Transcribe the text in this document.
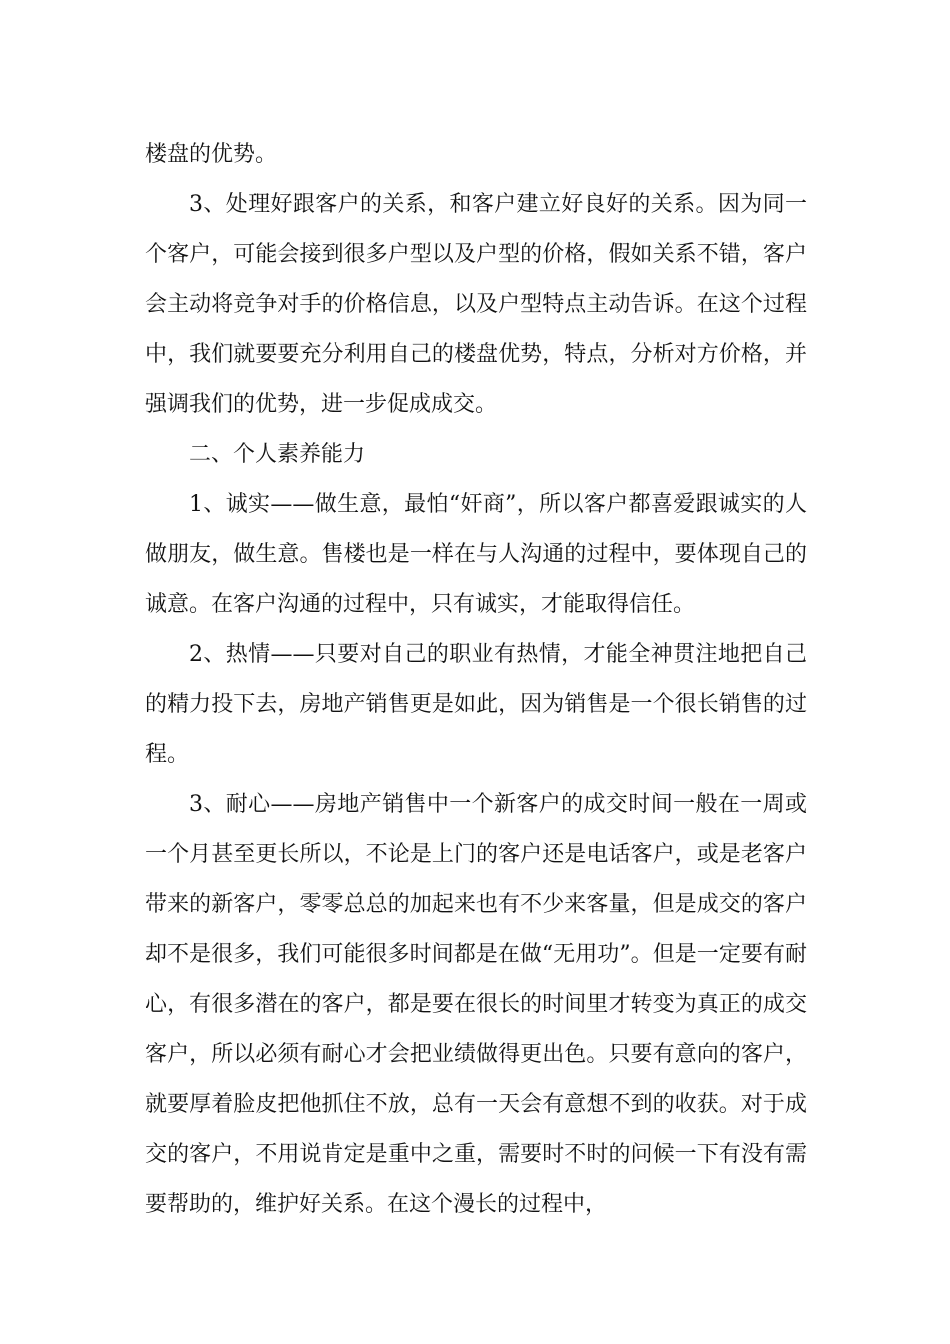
楼盘的优势。

3、处理好跟客户的关系，和客户建立好良好的关系。因为同一个客户，可能会接到很多户型以及户型的价格，假如关系不错，客户会主动将竞争对手的价格信息，以及户型特点主动告诉。在这个过程中，我们就要要充分利用自己的楼盘优势，特点，分析对方价格，并强调我们的优势，进一步促成成交。

二、个人素养能力

1、诚实——做生意，最怕“奸商”，所以客户都喜爱跟诚实的人做朋友，做生意。售楼也是一样在与人沟通的过程中，要体现自己的诚意。在客户沟通的过程中，只有诚实，才能取得信任。

2、热情——只要对自己的职业有热情，才能全神贯注地把自己的精力投下去，房地产销售更是如此，因为销售是一个很长销售的过程。

3、耐心——房地产销售中一个新客户的成交时间一般在一周或一个月甚至更长所以，不论是上门的客户还是电话客户，或是老客户带来的新客户，零零总总的加起来也有不少来客量，但是成交的客户却不是很多，我们可能很多时间都是在做“无用功”。但是一定要有耐心，有很多潜在的客户，都是要在很长的时间里才转变为真正的成交客户，所以必须有耐心才会把业绩做得更出色。只要有意向的客户，就要厚着脸皮把他抓住不放，总有一天会有意想不到的收获。对于成交的客户，不用说肯定是重中之重，需要时不时的问候一下有没有需要帮助的，维护好关系。在这个漫长的过程中，
